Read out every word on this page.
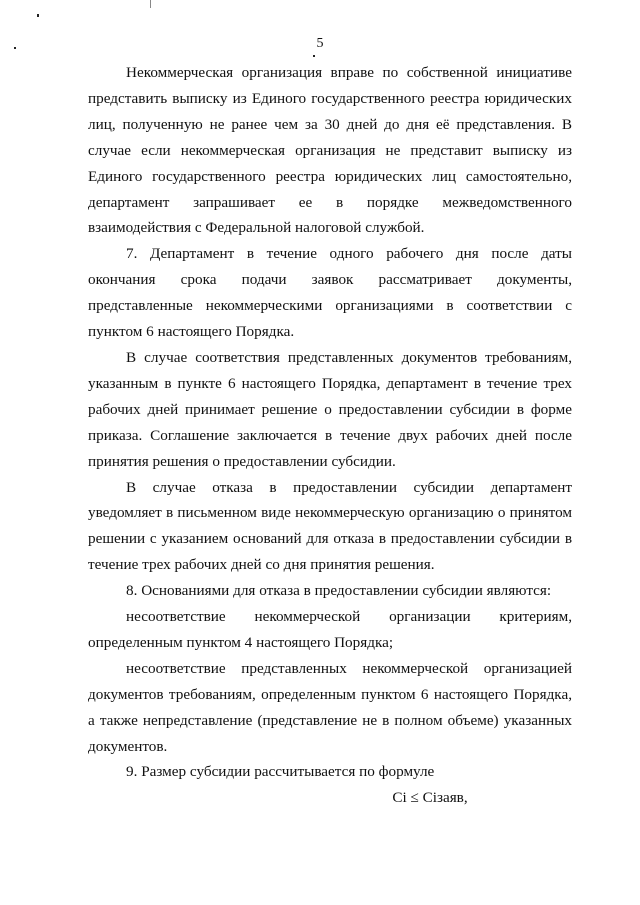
5

Некоммерческая организация вправе по собственной инициативе представить выписку из Единого государственного реестра юридических лиц, полученную не ранее чем за 30 дней до дня её представления. В случае если некоммерческая организация не представит выписку из Единого государственного реестра юридических лиц самостоятельно, департамент запрашивает ее в порядке межведомственного взаимодействия с Федеральной налоговой службой.

7. Департамент в течение одного рабочего дня после даты окончания срока подачи заявок рассматривает документы, представленные некоммерческими организациями в соответствии с пунктом 6 настоящего Порядка.

В случае соответствия представленных документов требованиям, указанным в пункте 6 настоящего Порядка, департамент в течение трех рабочих дней принимает решение о предоставлении субсидии в форме приказа. Соглашение заключается в течение двух рабочих дней после принятия решения о предоставлении субсидии.

В случае отказа в предоставлении субсидии департамент уведомляет в письменном виде некоммерческую организацию о принятом решении с указанием оснований для отказа в предоставлении субсидии в течение трех рабочих дней со дня принятия решения.

8. Основаниями для отказа в предоставлении субсидии являются:

несоответствие некоммерческой организации критериям, определенным пунктом 4 настоящего Порядка;

несоответствие представленных некоммерческой организацией документов требованиям, определенным пунктом 6 настоящего Порядка, а также непредставление (представление не в полном объеме) указанных документов.

9. Размер субсидии рассчитывается по формуле

Ci ≤ Сiзаяв,
